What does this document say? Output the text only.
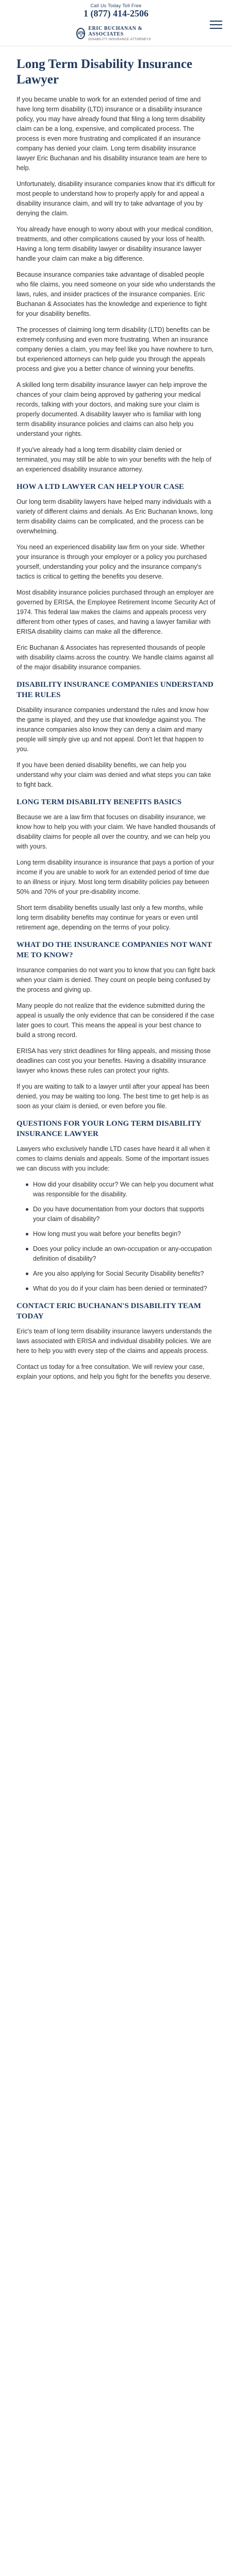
Call Us Today Toll Free
1 (877) 414-2506
ERIC BUCHANAN & ASSOCIATES
DISABILITY INSURANCE ATTORNEYS
Long Term Disability Insurance Lawyer

If you became unable to work for an extended period of time and have long term disability (LTD) insurance or a disability insurance policy, you may have already found that filing a long term disability claim can be a long, expensive, and complicated process. The process is even more frustrating and complicated if an insurance company has denied your claim. Long term disability insurance lawyer Eric Buchanan and his disability insurance team are here to help.

Unfortunately, disability insurance companies know that it's difficult for most people to understand how to properly apply for and appeal a disability insurance claim, and will try to take advantage of you by denying the claim.

You already have enough to worry about with your medical condition, treatments, and other complications caused by your loss of health. Having a long term disability lawyer or disability insurance lawyer handle your claim can make a big difference.

Because insurance companies take advantage of disabled people who file claims, you need someone on your side who understands the laws, rules, and insider practices of the insurance companies. Eric Buchanan & Associates has the knowledge and experience to fight for your disability benefits.

The processes of claiming long term disability (LTD) benefits can be extremely confusing and even more frustrating. When an insurance company denies a claim, you may feel like you have nowhere to turn, but experienced attorneys can help guide you through the appeals process and give you a better chance of winning your benefits.

A skilled long term disability insurance lawyer can help improve the chances of your claim being approved by gathering your medical records, talking with your doctors, and making sure your claim is properly documented. A disability lawyer who is familiar with long term disability insurance policies and claims can also help you understand your rights.

If you've already had a long term disability claim denied or terminated, you may still be able to win your benefits with the help of an experienced disability insurance attorney.

HOW A LTD LAWYER CAN HELP YOUR CASE

Our long term disability lawyers have helped many individuals with a variety of different claims and denials. As Eric Buchanan knows, long term disability claims can be complicated, and the process can be overwhelming.

You need an experienced disability law firm on your side. Whether your insurance is through your employer or a policy you purchased yourself, understanding your policy and the insurance company's tactics is critical to getting the benefits you deserve.

Most disability insurance policies purchased through an employer are governed by ERISA, the Employee Retirement Income Security Act of 1974. This federal law makes the claims and appeals process very different from other types of cases, and having a lawyer familiar with ERISA disability claims can make all the difference.

Eric Buchanan & Associates has represented thousands of people with disability claims across the country. We handle claims against all of the major disability insurance companies.

DISABILITY INSURANCE COMPANIES UNDERSTAND THE RULES

Disability insurance companies understand the rules and know how the game is played, and they use that knowledge against you. The insurance companies also know they can deny a claim and many people will simply give up and not appeal. Don't let that happen to you.

If you have been denied disability benefits, we can help you understand why your claim was denied and what steps you can take to fight back.

LONG TERM DISABILITY BENEFITS BASICS

Because we are a law firm that focuses on disability insurance, we know how to help you with your claim. We have handled thousands of disability claims for people all over the country, and we can help you with yours.

Long term disability insurance is insurance that pays a portion of your income if you are unable to work for an extended period of time due to an illness or injury. Most long term disability policies pay between 50% and 70% of your pre-disability income.

Short term disability benefits usually last only a few months, while long term disability benefits may continue for years or even until retirement age, depending on the terms of your policy.

WHAT DO THE INSURANCE COMPANIES NOT WANT ME TO KNOW?

Insurance companies do not want you to know that you can fight back when your claim is denied. They count on people being confused by the process and giving up.

Many people do not realize that the evidence submitted during the appeal is usually the only evidence that can be considered if the case later goes to court. This means the appeal is your best chance to build a strong record.

ERISA has very strict deadlines for filing appeals, and missing those deadlines can cost you your benefits. Having a disability insurance lawyer who knows these rules can protect your rights.

If you are waiting to talk to a lawyer until after your appeal has been denied, you may be waiting too long. The best time to get help is as soon as your claim is denied, or even before you file.

QUESTIONS FOR YOUR LONG TERM DISABILITY INSURANCE LAWYER

Lawyers who exclusively handle LTD cases have heard it all when it comes to claims denials and appeals. Some of the important issues we can discuss with you include:

How did your disability occur? We can help you document what was responsible for the disability.
Do you have documentation from your doctors that supports your claim of disability?
How long must you wait before your benefits begin?
Does your policy include an own-occupation or any-occupation definition of disability?
Are you also applying for Social Security Disability benefits?
What do you do if your claim has been denied or terminated?
CONTACT ERIC BUCHANAN'S DISABILITY TEAM TODAY

Eric's team of long term disability insurance lawyers understands the laws associated with ERISA and individual disability policies. We are here to help you with every step of the claims and appeals process.

Contact us today for a free consultation. We will review your case, explain your options, and help you fight for the benefits you deserve.
